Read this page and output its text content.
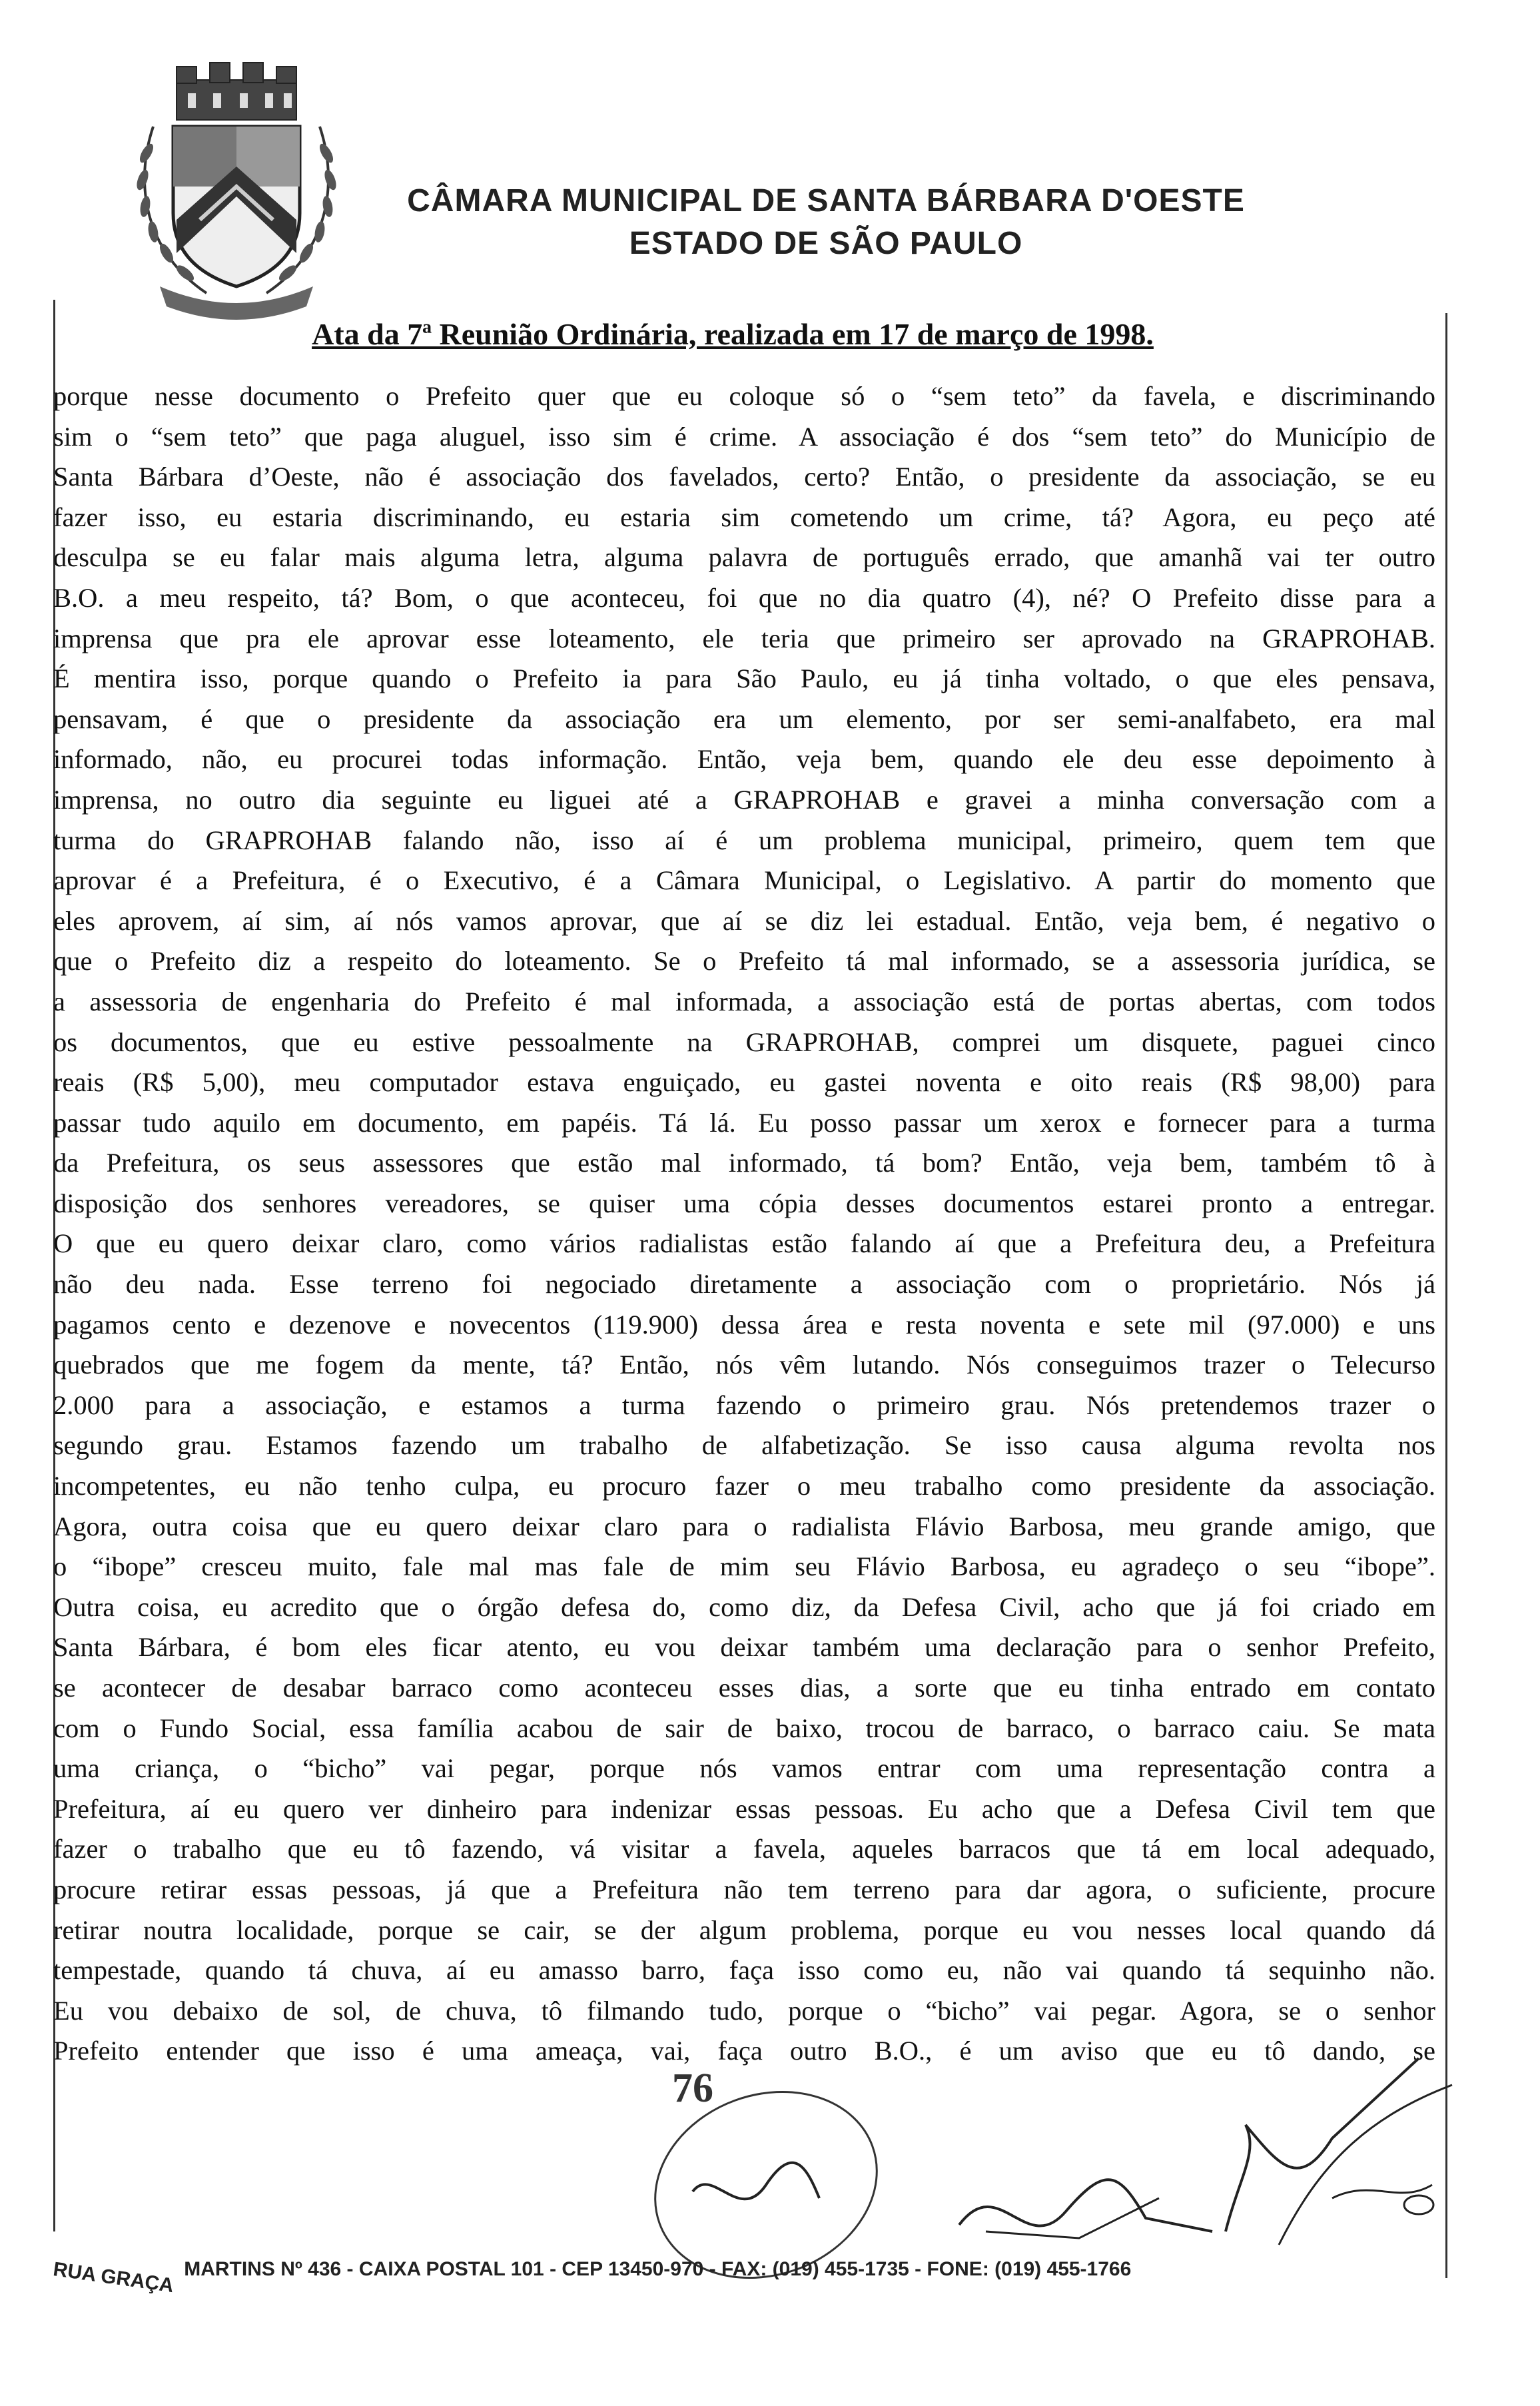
CÂMARA MUNICIPAL DE SANTA BÁRBARA D'OESTE
ESTADO DE SÃO PAULO
Ata da 7ª Reunião Ordinária, realizada em 17 de março de 1998.
porque nesse documento o Prefeito quer que eu coloque só o “sem teto” da favela, e discriminando
sim o “sem teto” que paga aluguel, isso sim é crime. A associação é dos “sem teto” do Município de
Santa Bárbara d’Oeste, não é associação dos favelados, certo? Então, o presidente da associação, se eu
fazer isso, eu estaria discriminando, eu estaria sim cometendo um crime, tá? Agora, eu peço até
desculpa se eu falar mais alguma letra, alguma palavra de português errado, que amanhã vai ter outro
B.O. a meu respeito, tá? Bom, o que aconteceu, foi que no dia quatro (4), né? O Prefeito disse para a
imprensa que pra ele aprovar esse loteamento, ele teria que primeiro ser aprovado na GRAPROHAB.
É mentira isso, porque quando o Prefeito ia para São Paulo, eu já tinha voltado, o que eles pensava,
pensavam, é que o presidente da associação era um elemento, por ser semi-analfabeto, era mal
informado, não, eu procurei todas informação. Então, veja bem, quando ele deu esse depoimento à
imprensa, no outro dia seguinte eu liguei até a GRAPROHAB e gravei a minha conversação com a
turma do GRAPROHAB falando não, isso aí é um problema municipal, primeiro, quem tem que
aprovar é a Prefeitura, é o Executivo, é a Câmara Municipal, o Legislativo. A partir do momento que
eles aprovem, aí sim, aí nós vamos aprovar, que aí se diz lei estadual. Então, veja bem, é negativo o
que o Prefeito diz a respeito do loteamento. Se o Prefeito tá mal informado, se a assessoria jurídica, se
a assessoria de engenharia do Prefeito é mal informada, a associação está de portas abertas, com todos
os documentos, que eu estive pessoalmente na GRAPROHAB, comprei um disquete, paguei cinco
reais (R$ 5,00), meu computador estava enguiçado, eu gastei noventa e oito reais (R$ 98,00) para
passar tudo aquilo em documento, em papéis. Tá lá. Eu posso passar um xerox e fornecer para a turma
da Prefeitura, os seus assessores que estão mal informado, tá bom? Então, veja bem, também tô à
disposição dos senhores vereadores, se quiser uma cópia desses documentos estarei pronto a entregar.
O que eu quero deixar claro, como vários radialistas estão falando aí que a Prefeitura deu, a Prefeitura
não deu nada. Esse terreno foi negociado diretamente a associação com o proprietário. Nós já
pagamos cento e dezenove e novecentos (119.900) dessa área e resta noventa e sete mil (97.000) e uns
quebrados que me fogem da mente, tá? Então, nós vêm lutando. Nós conseguimos trazer o Telecurso
2.000 para a associação, e estamos a turma fazendo o primeiro grau. Nós pretendemos trazer o
segundo grau. Estamos fazendo um trabalho de alfabetização. Se isso causa alguma revolta nos
incompetentes, eu não tenho culpa, eu procuro fazer o meu trabalho como presidente da associação.
Agora, outra coisa que eu quero deixar claro para o radialista Flávio Barbosa, meu grande amigo, que
o “ibope” cresceu muito, fale mal mas fale de mim seu Flávio Barbosa, eu agradeço o seu “ibope”.
Outra coisa, eu acredito que o órgão defesa do, como diz, da Defesa Civil, acho que já foi criado em
Santa Bárbara, é bom eles ficar atento, eu vou deixar também uma declaração para o senhor Prefeito,
se acontecer de desabar barraco como aconteceu esses dias, a sorte que eu tinha entrado em contato
com o Fundo Social, essa família acabou de sair de baixo, trocou de barraco, o barraco caiu. Se mata
uma criança, o “bicho” vai pegar, porque nós vamos entrar com uma representação contra a
Prefeitura, aí eu quero ver dinheiro para indenizar essas pessoas. Eu acho que a Defesa Civil tem que
fazer o trabalho que eu tô fazendo, vá visitar a favela, aqueles barracos que tá em local adequado,
procure retirar essas pessoas, já que a Prefeitura não tem terreno para dar agora, o suficiente, procure
retirar noutra localidade, porque se cair, se der algum problema, porque eu vou nesses local quando dá
tempestade, quando tá chuva, aí eu amasso barro, faça isso como eu, não vai quando tá sequinho não.
Eu vou debaixo de sol, de chuva, tô filmando tudo, porque o “bicho” vai pegar. Agora, se o senhor
Prefeito entender que isso é uma ameaça, vai, faça outro B.O., é um aviso que eu tô dando, se
76
RUA GRAÇA MARTINS Nº 436 - CAIXA POSTAL 101 - CEP 13450-970 - FAX: (019) 455-1735 - FONE: (019) 455-1766
